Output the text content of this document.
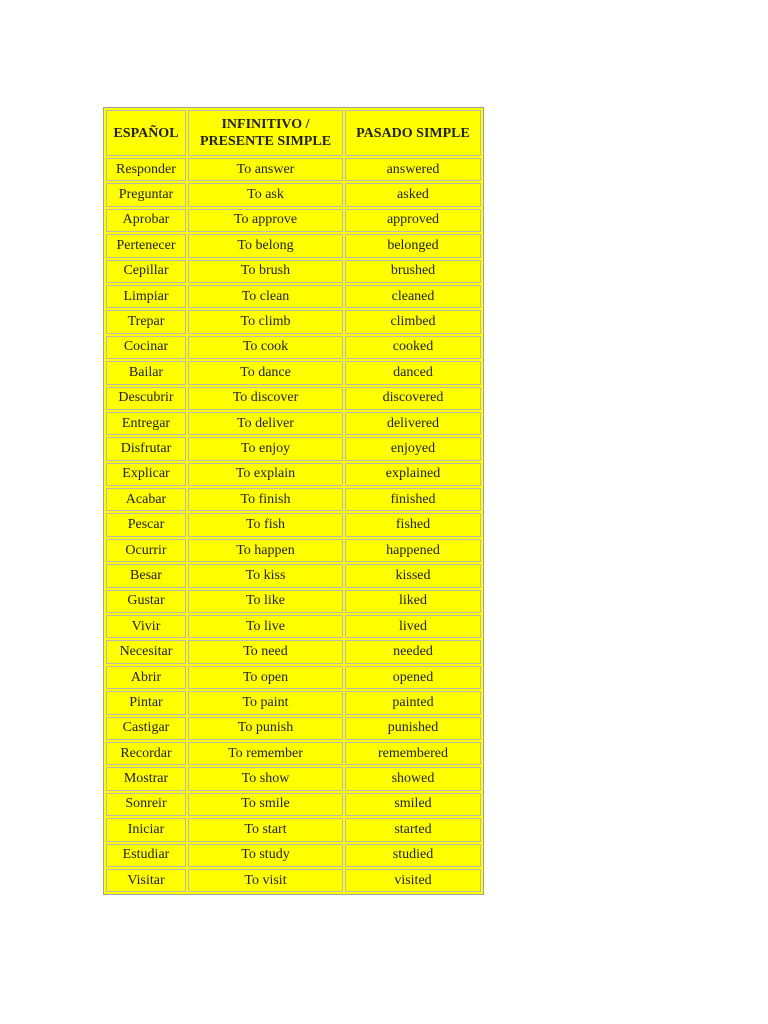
ESPAÑOL	INFINITIVO / PRESENTE SIMPLE	PASADO SIMPLE
Responder	To answer	answered
Preguntar	To ask	asked
Aprobar	To approve	approved
Pertenecer	To belong	belonged
Cepillar	To brush	brushed
Limpiar	To clean	cleaned
Trepar	To climb	climbed
Cocinar	To cook	cooked
Bailar	To dance	danced
Descubrir	To discover	discovered
Entregar	To deliver	delivered
Disfrutar	To enjoy	enjoyed
Explicar	To explain	explained
Acabar	To finish	finished
Pescar	To fish	fished
Ocurrir	To happen	happened
Besar	To kiss	kissed
Gustar	To like	liked
Vivir	To live	lived
Necesitar	To need	needed
Abrir	To open	opened
Pintar	To paint	painted
Castigar	To punish	punished
Recordar	To remember	remembered
Mostrar	To show	showed
Sonreir	To smile	smiled
Iniciar	To start	started
Estudiar	To study	studied
Visitar	To visit	visited
